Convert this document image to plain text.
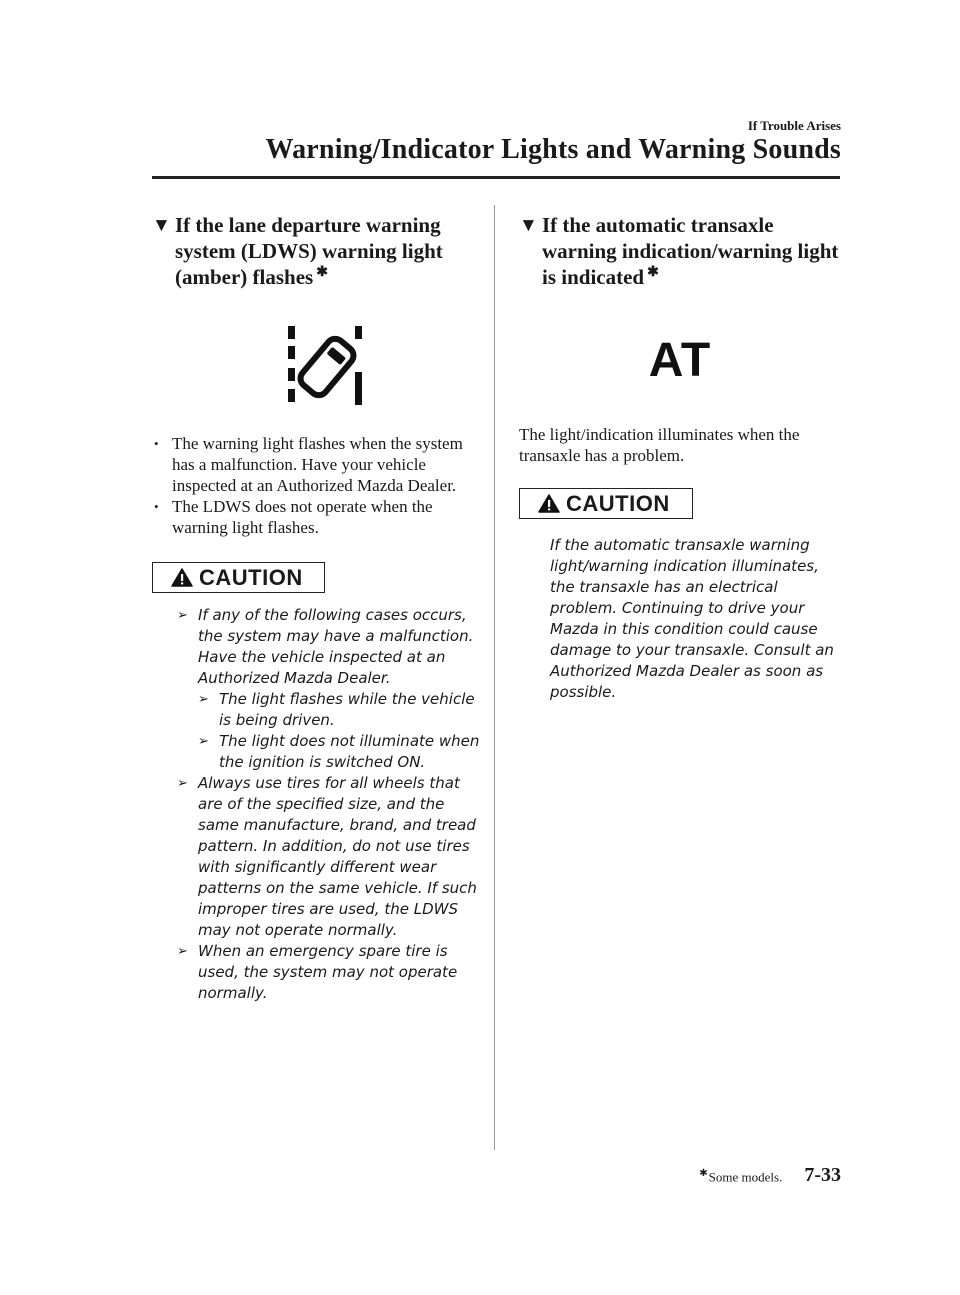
If Trouble Arises
Warning/Indicator Lights and Warning Sounds
▼ If the lane departure warning system (LDWS) warning light (amber) flashes ✱
• The warning light flashes when the system has a malfunction. Have your vehicle inspected at an Authorized Mazda Dealer.
• The LDWS does not operate when the warning light flashes.
CAUTION
➢ If any of the following cases occurs, the system may have a malfunction. Have the vehicle inspected at an Authorized Mazda Dealer.
➢ The light flashes while the vehicle is being driven.
➢ The light does not illuminate when the ignition is switched ON.
➢ Always use tires for all wheels that are of the specified size, and the same manufacture, brand, and tread pattern. In addition, do not use tires with significantly different wear patterns on the same vehicle. If such improper tires are used, the LDWS may not operate normally.
➢ When an emergency spare tire is used, the system may not operate normally.
▼ If the automatic transaxle warning indication/warning light is indicated ✱
AT
The light/indication illuminates when the transaxle has a problem.
CAUTION
If the automatic transaxle warning light/warning indication illuminates, the transaxle has an electrical problem. Continuing to drive your Mazda in this condition could cause damage to your transaxle. Consult an Authorized Mazda Dealer as soon as possible.
✱Some models. 7-33
